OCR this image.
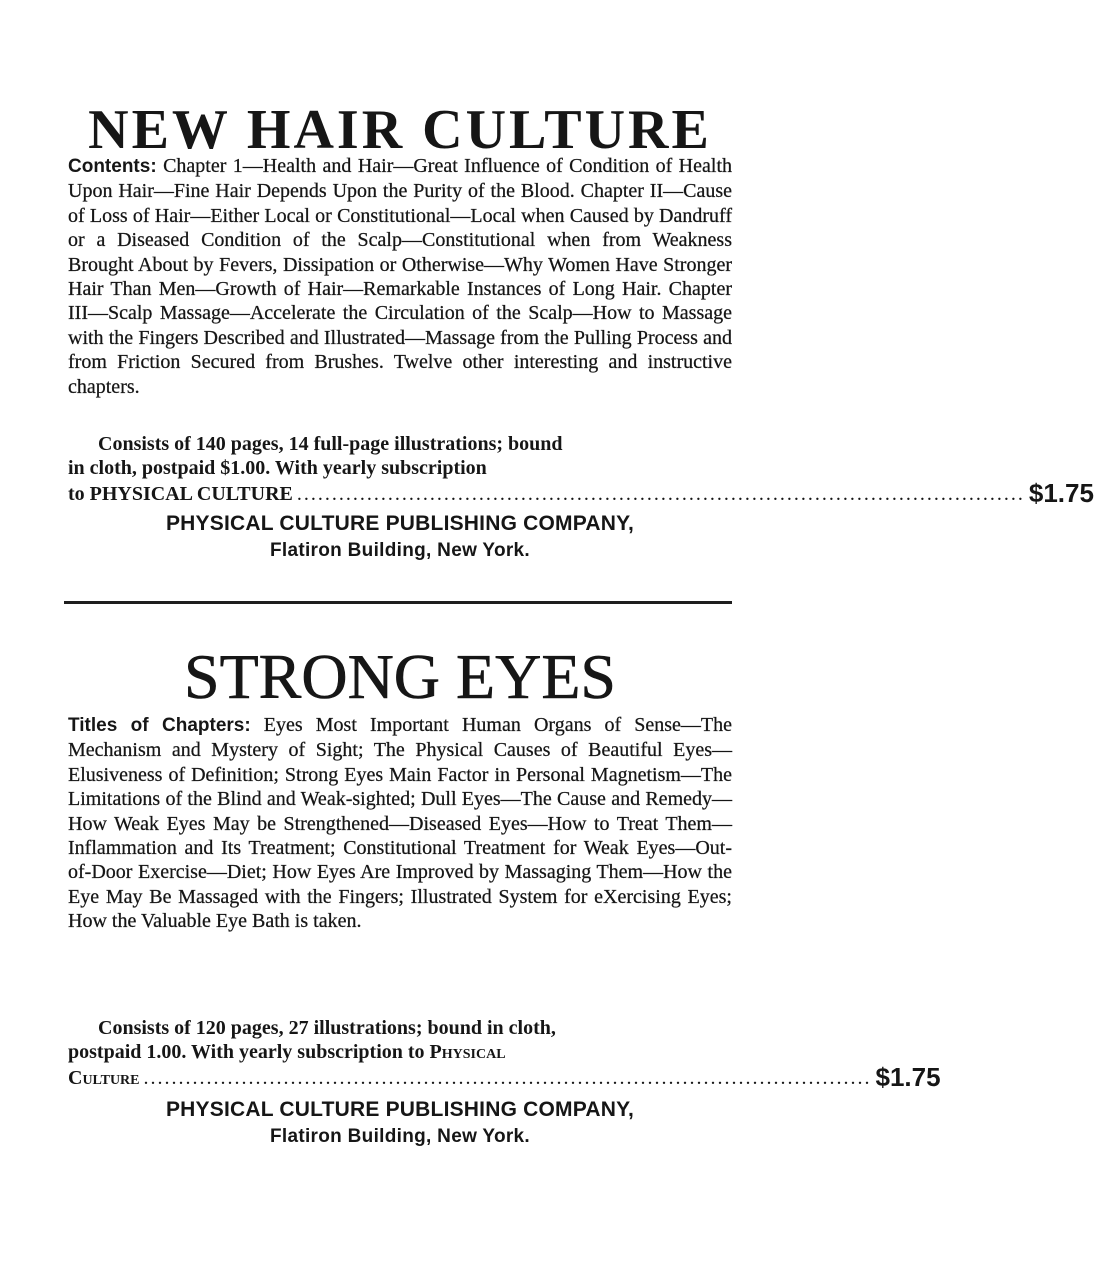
NEW HAIR CULTURE
Contents: Chapter 1—Health and Hair—Great Influence of Condition of Health Upon Hair—Fine Hair Depends Upon the Purity of the Blood. Chapter II—Cause of Loss of Hair—Either Local or Constitutional—Local when Caused by Dandruff or a Diseased Condition of the Scalp—Constitutional when from Weakness Brought About by Fevers, Dissipation or Otherwise—Why Women Have Stronger Hair Than Men—Growth of Hair—Remarkable Instances of Long Hair. Chapter III—Scalp Massage—Accelerate the Circulation of the Scalp—How to Massage with the Fingers Described and Illustrated—Massage from the Pulling Process and from Friction Secured from Brushes. Twelve other interesting and instructive chapters.
Consists of 140 pages, 14 full-page illustrations; bound
in cloth, postpaid $1.00. With yearly subscription
to PHYSICAL CULTURE ........................................................................................................ $1.75
PHYSICAL CULTURE PUBLISHING COMPANY,
Flatiron Building, New York.
STRONG EYES
Titles of Chapters: Eyes Most Important Human Organs of Sense—The Mechanism and Mystery of Sight; The Physical Causes of Beautiful Eyes—Elusiveness of Definition; Strong Eyes Main Factor in Personal Magnetism—The Limitations of the Blind and Weak-sighted; Dull Eyes—The Cause and Remedy—How Weak Eyes May be Strengthened—Diseased Eyes—How to Treat Them—Inflammation and Its Treatment; Constitutional Treatment for Weak Eyes—Out-of-Door Exercise—Diet; How Eyes Are Improved by Massaging Them—How the Eye May Be Massaged with the Fingers; Illustrated System for eXercising Eyes; How the Valuable Eye Bath is taken.
Consists of 120 pages, 27 illustrations; bound in cloth,
postpaid 1.00. With yearly subscription to Physical
Culture ........................................................................................................ $1.75
PHYSICAL CULTURE PUBLISHING COMPANY,
Flatiron Building, New York.
